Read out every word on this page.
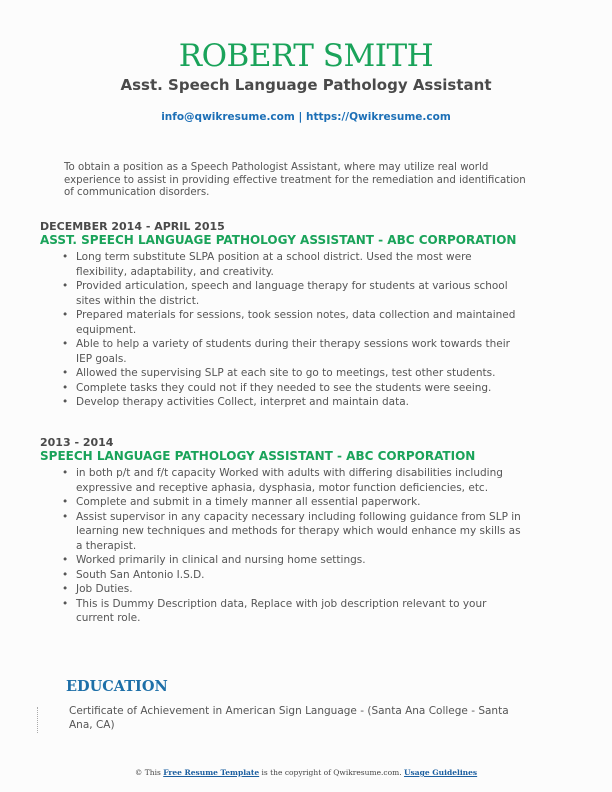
ROBERT SMITH
Asst. Speech Language Pathology Assistant
info@qwikresume.com | https://Qwikresume.com
To obtain a position as a Speech Pathologist Assistant, where may utilize real world experience to assist in providing effective treatment for the remediation and identification of communication disorders.
DECEMBER 2014 - APRIL 2015
ASST. SPEECH LANGUAGE PATHOLOGY ASSISTANT - ABC CORPORATION
• Long term substitute SLPA position at a school district. Used the most were flexibility, adaptability, and creativity.
• Provided articulation, speech and language therapy for students at various school sites within the district.
• Prepared materials for sessions, took session notes, data collection and maintained equipment.
• Able to help a variety of students during their therapy sessions work towards their IEP goals.
• Allowed the supervising SLP at each site to go to meetings, test other students.
• Complete tasks they could not if they needed to see the students were seeing.
• Develop therapy activities Collect, interpret and maintain data.
2013 - 2014
SPEECH LANGUAGE PATHOLOGY ASSISTANT - ABC CORPORATION
• in both p/t and f/t capacity Worked with adults with differing disabilities including expressive and receptive aphasia, dysphasia, motor function deficiencies, etc.
• Complete and submit in a timely manner all essential paperwork.
• Assist supervisor in any capacity necessary including following guidance from SLP in learning new techniques and methods for therapy which would enhance my skills as a therapist.
• Worked primarily in clinical and nursing home settings.
• South San Antonio I.S.D.
• Job Duties.
• This is Dummy Description data, Replace with job description relevant to your current role.
EDUCATION
Certificate of Achievement in American Sign Language - (Santa Ana College - Santa Ana, CA)
© This Free Resume Template is the copyright of Qwikresume.com. Usage Guidelines
